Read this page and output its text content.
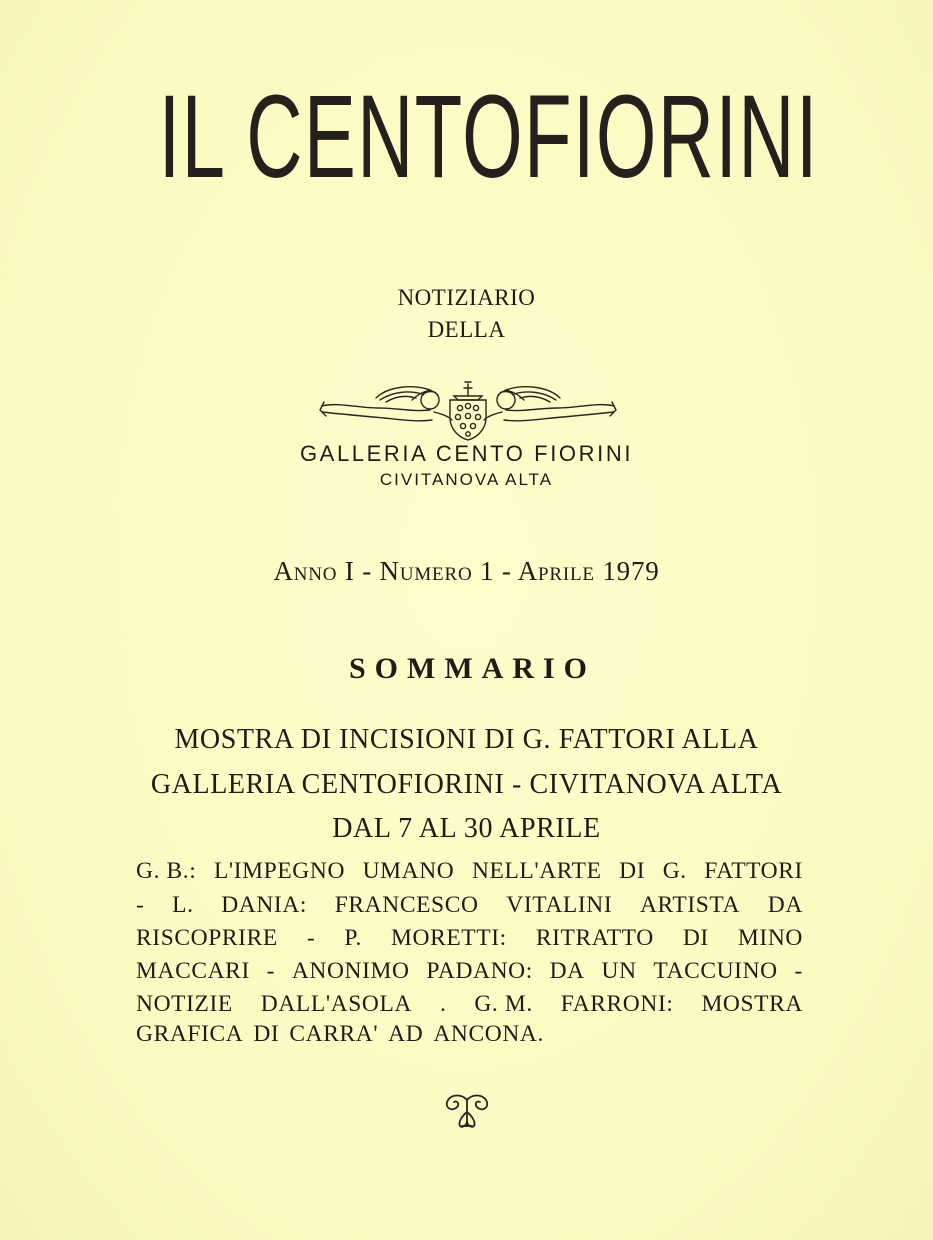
IL CENTOFIORINI
NOTIZIARIO
DELLA
GALLERIA CENTO FIORINI
CIVITANOVA ALTA
Anno I - Numero 1 - Aprile 1979
SOMMARIO
MOSTRA DI INCISIONI DI G. FATTORI ALLA
GALLERIA CENTOFIORINI - CIVITANOVA ALTA
DAL 7 AL 30 APRILE
G. B.: L'IMPEGNO UMANO NELL'ARTE DI G. FATTORI
- L. DANIA: FRANCESCO VITALINI ARTISTA DA
RISCOPRIRE - P. MORETTI: RITRATTO DI MINO
MACCARI - ANONIMO PADANO: DA UN TACCUINO -
NOTIZIE DALL'ASOLA . G. M. FARRONI: MOSTRA
GRAFICA DI CARRA' AD ANCONA.
